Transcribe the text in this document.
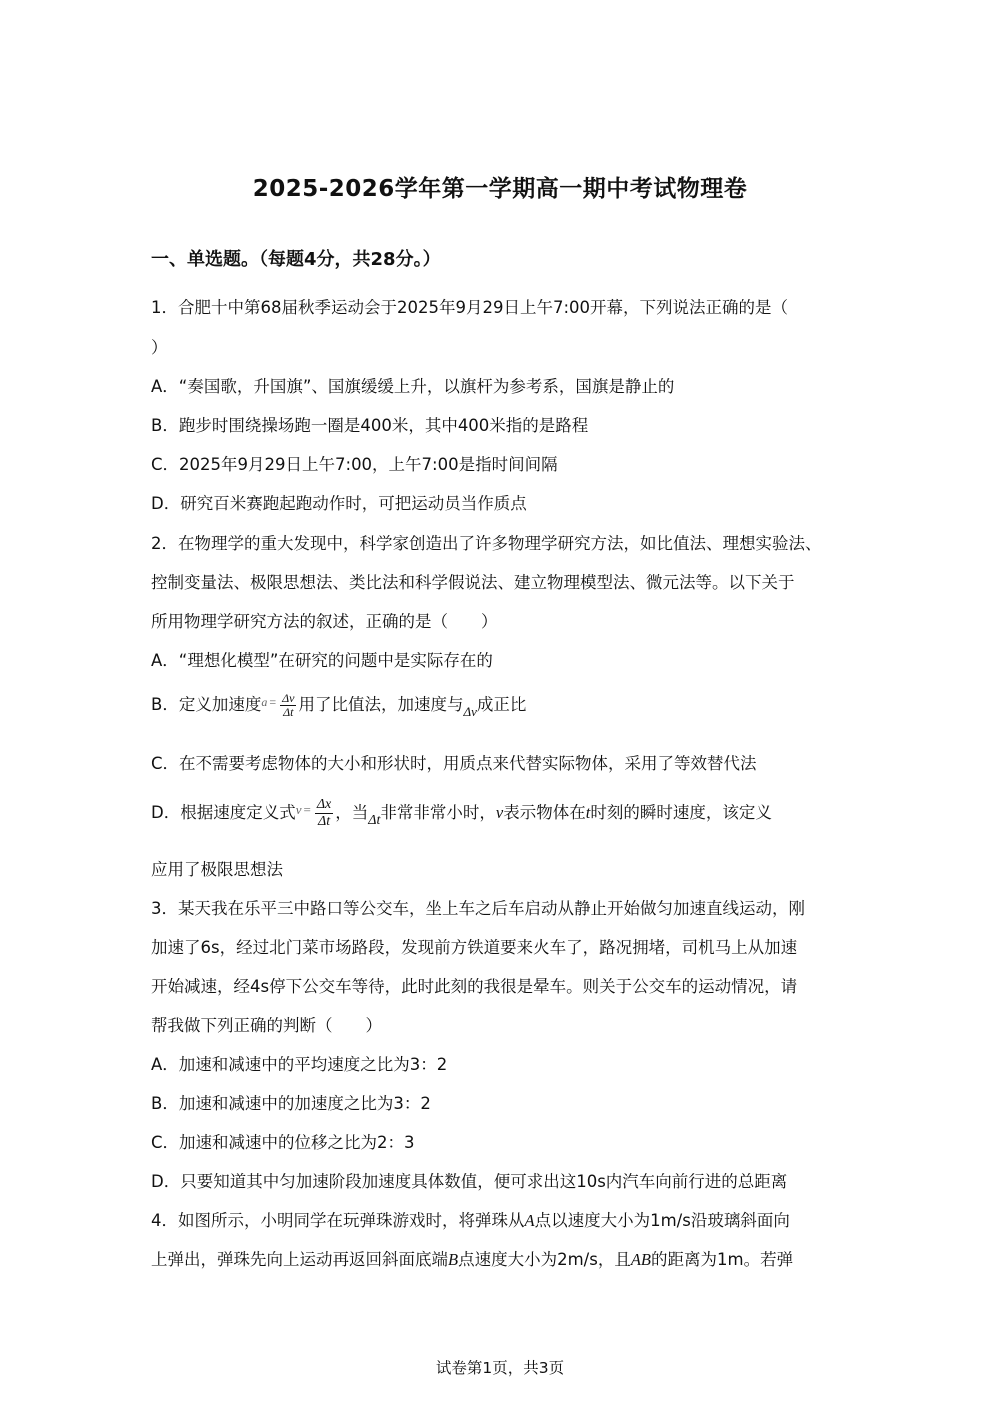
2025-2026学年第一学期高一期中考试物理卷
一、单选题。（每题4分，共28分。）
1．合肥十中第68届秋季运动会于2025年9月29日上午7:00开幕，下列说法正确的是（
）
A．“奏国歌，升国旗”、国旗缓缓上升，以旗杆为参考系，国旗是静止的
B．跑步时围绕操场跑一圈是400米，其中400米指的是路程
C．2025年9月29日上午7:00，上午7:00是指时间间隔
D．研究百米赛跑起跑动作时，可把运动员当作质点
2．在物理学的重大发现中，科学家创造出了许多物理学研究方法，如比值法、理想实验法、
控制变量法、极限思想法、类比法和科学假说法、建立物理模型法、微元法等。以下关于
所用物理学研究方法的叙述，正确的是（　　）
A．“理想化模型”在研究的问题中是实际存在的
B．定义加速度$^a$ $^= \frac{\Delta v}{\Delta t}$ 用了比值法，加速度与$_{\Delta v}$成正比
C．在不需要考虑物体的大小和形状时，用质点来代替实际物体，采用了等效替代法
D．根据速度定义式$^v$ $^= \frac{\Delta x}{\Delta t}$ ，当$_{\Delta t}$非常非常小时，v表示物体在t时刻的瞬时速度，该定义
应用了极限思想法
3．某天我在乐平三中路口等公交车，坐上车之后车启动从静止开始做匀加速直线运动，刚
加速了6s，经过北门菜市场路段，发现前方铁道要来火车了，路况拥堵，司机马上从加速
开始减速，经4s停下公交车等待，此时此刻的我很是晕车。则关于公交车的运动情况，请
帮我做下列正确的判断（　　）
A．加速和减速中的平均速度之比为3：2
B．加速和减速中的加速度之比为3：2
C．加速和减速中的位移之比为2：3
D．只要知道其中匀加速阶段加速度具体数值，便可求出这10s内汽车向前行进的总距离
4．如图所示，小明同学在玩弹珠游戏时，将弹珠从A点以速度大小为1m/s沿玻璃斜面向
上弹出，弹珠先向上运动再返回斜面底端B点速度大小为2m/s，且AB的距离为1m。若弹
试卷第1页，共3页
